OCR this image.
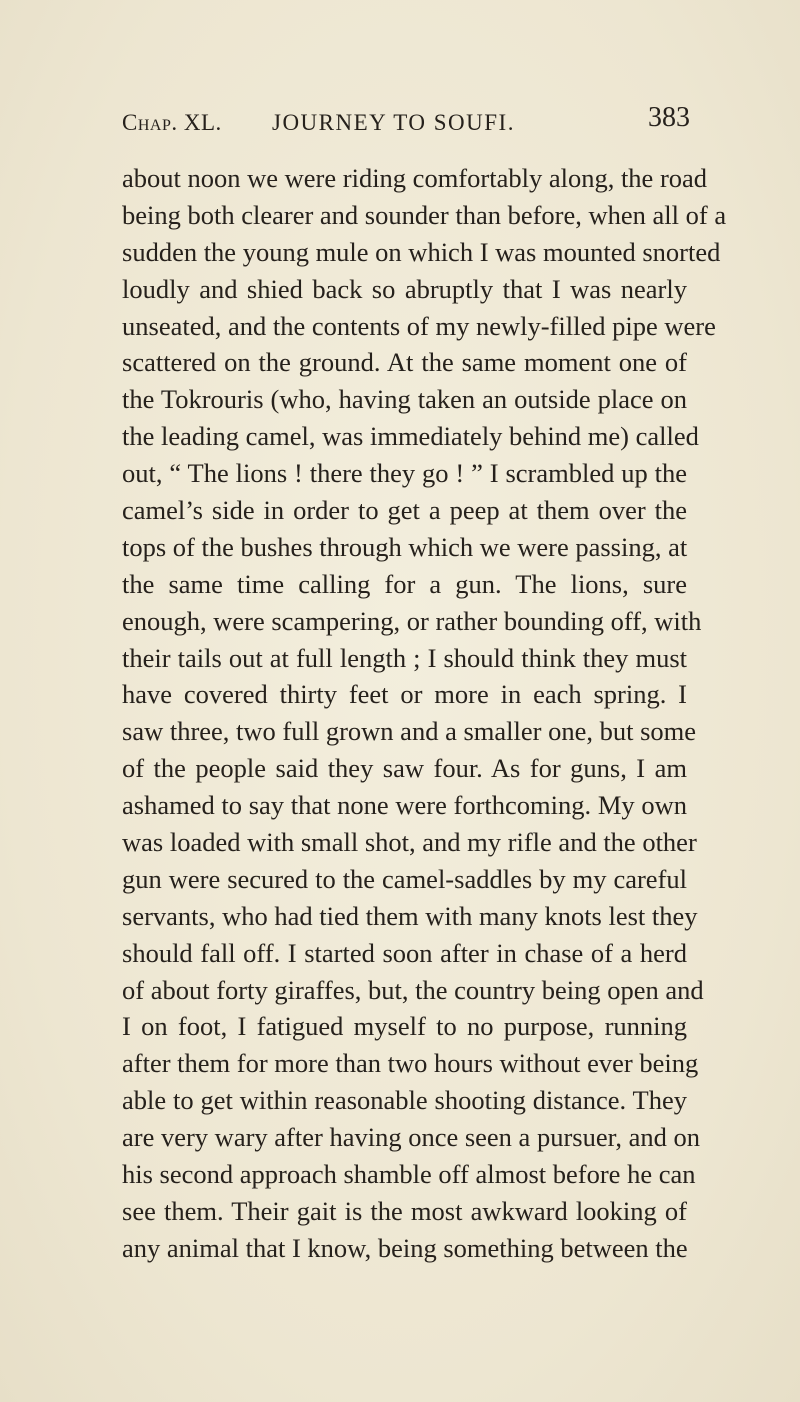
Chap. XL. JOURNEY TO SOUFI.	383
about noon we were riding comfortably along, the road
being both clearer and sounder than before, when all of a
sudden the young mule on which I was mounted snorted
loudly and shied back so abruptly that I was nearly
unseated, and the contents of my newly-filled pipe were
scattered on the ground. At the same moment one of
the Tokrouris (who, having taken an outside place on
the leading camel, was immediately behind me) called
out, “ The lions ! there they go ! ” I scrambled up the
camel’s side in order to get a peep at them over the
tops of the bushes through which we were passing, at
the same time calling for a gun. The lions, sure
enough, were scampering, or rather bounding off, with
their tails out at full length ; I should think they must
have covered thirty feet or more in each spring. I
saw three, two full grown and a smaller one, but some
of the people said they saw four. As for guns, I am
ashamed to say that none were forthcoming. My own
was loaded with small shot, and my rifle and the other
gun were secured to the camel-saddles by my careful
servants, who had tied them with many knots lest they
should fall off. I started soon after in chase of a herd
of about forty giraffes, but, the country being open and
I on foot, I fatigued myself to no purpose, running
after them for more than two hours without ever being
able to get within reasonable shooting distance. They
are very wary after having once seen a pursuer, and on
his second approach shamble off almost before he can
see them. Their gait is the most awkward looking of
any animal that I know, being something between the
